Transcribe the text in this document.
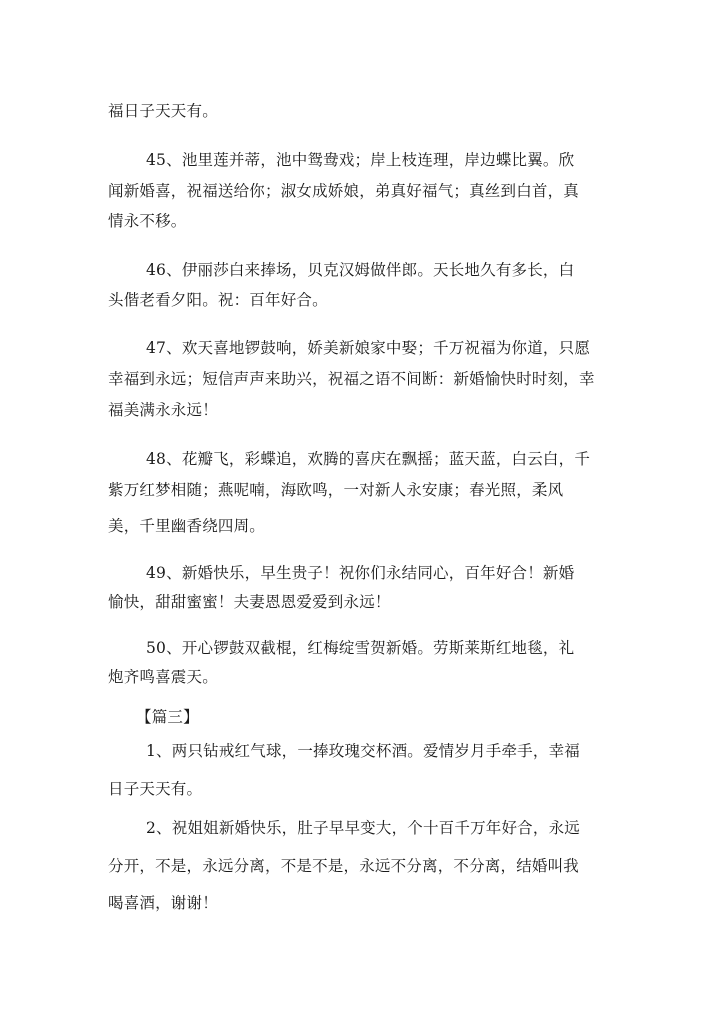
福日子天天有。
45、池里莲并蒂，池中鸳鸯戏；岸上枝连理，岸边蝶比翼。欣
闻新婚喜，祝福送给你；淑女成娇娘，弟真好福气；真丝到白首，真
情永不移。
46、伊丽莎白来捧场，贝克汉姆做伴郎。天长地久有多长，白
头偕老看夕阳。祝：百年好合。
47、欢天喜地锣鼓响，娇美新娘家中娶；千万祝福为你道，只愿
幸福到永远；短信声声来助兴，祝福之语不间断：新婚愉快时时刻，幸
福美满永永远！
48、花瓣飞，彩蝶追，欢腾的喜庆在飘摇；蓝天蓝，白云白，千
紫万红梦相随；燕呢喃，海欧鸣，一对新人永安康；春光照，柔风
美，千里幽香绕四周。
49、新婚快乐，早生贵子！祝你们永结同心，百年好合！新婚
愉快，甜甜蜜蜜！夫妻恩恩爱爱到永远！
50、开心锣鼓双截棍，红梅绽雪贺新婚。劳斯莱斯红地毯，礼
炮齐鸣喜震天。
【篇三】
1、两只钻戒红气球，一捧玫瑰交杯酒。爱情岁月手牵手，幸福
日子天天有。
2、祝姐姐新婚快乐，肚子早早变大，个十百千万年好合，永远
分开，不是，永远分离，不是不是，永远不分离，不分离，结婚叫我
喝喜酒，谢谢！
